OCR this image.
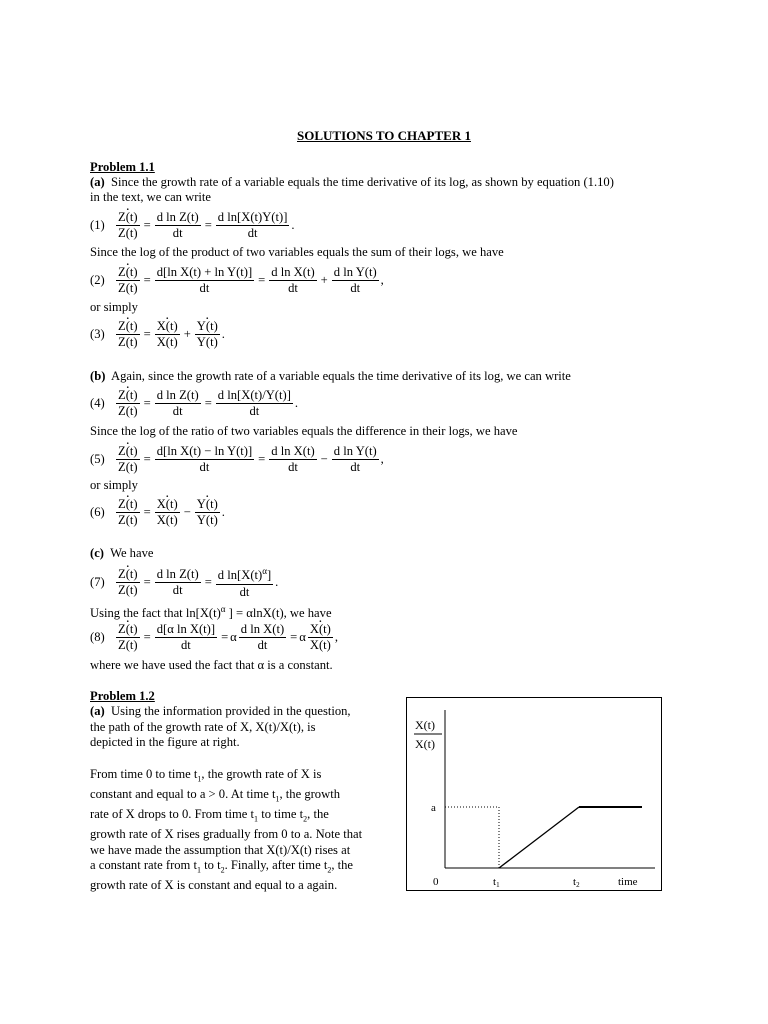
SOLUTIONS TO CHAPTER 1
Problem 1.1
(a) Since the growth rate of a variable equals the time derivative of its log, as shown by equation (1.10)
in the text, we can write
(1) . $\frac{Z(t)}{Z(t)} = \frac{\text{d ln Z(t)}}{dt} = \frac{\text{d ln[X(t)Y(t)]}}{dt}$ .
Since the log of the product of two variables equals the sum of their logs, we have
(2) . $\frac{Z(t)}{Z(t)} = \frac{\text{d[ln X(t) + ln Y(t)]}}{dt} = \frac{\text{d ln X(t)}}{dt} + \frac{\text{d ln Y(t)}}{dt}$ ,
or simply
(3) . $\frac{Z(t)}{Z(t)}$ = . $\frac{X(t)}{X(t)}$ + . $\frac{Y(t)}{Y(t)}$ .
(b) Again, since the growth rate of a variable equals the time derivative of its log, we can write
(4) . $\frac{Z(t)}{Z(t)} = \frac{\text{d ln Z(t)}}{dt} = \frac{\text{d ln[X(t)/Y(t)]}}{dt}$ .
Since the log of the ratio of two variables equals the difference in their logs, we have
(5) . $\frac{Z(t)}{Z(t)} = \frac{\text{d[ln X(t) − ln Y(t)]}}{dt} = \frac{\text{d ln X(t)}}{dt} - \frac{\text{d ln Y(t)}}{dt}$ ,
or simply
(6) . $\frac{Z(t)}{Z(t)}$ = . $\frac{X(t)}{X(t)}$ − . $\frac{Y(t)}{Y(t)}$ .
(c) We have
(7) . $\frac{Z(t)}{Z(t)} = \frac{\text{d ln Z(t)}}{dt} = \frac{d \ln[X(t)^\alpha]}{dt}$ .
Using the fact that $\ln[X(t)^\alpha$ ] = αlnX(t), we have
(8) . $\frac{Z(t)}{Z(t)} = \frac{\text{d[α ln X(t)]}}{dt} = \alpha \frac{\text{d ln X(t)}}{dt} = \alpha$ . $\frac{X(t)}{X(t)}$ ,
where we have used the fact that α is a constant.
Problem 1.2
(a) Using the information provided in the question,
the path of the growth rate of X, X(t)/X(t), is
depicted in the figure at right.
From time 0 to time $t_1$, the growth rate of X is
constant and equal to a > 0. At time $t_1$, the growth
rate of X drops to 0. From time $t_1$ to time $t_2$, the
growth rate of X rises gradually from 0 to a. Note that
we have made the assumption that X(t)/X(t) rises at
a constant rate from $t_1$ to $t_2$. Finally, after time $t_2$, the
growth rate of X is constant and equal to a again.
a
0	t1	t2
X(t)
X(t)
time
